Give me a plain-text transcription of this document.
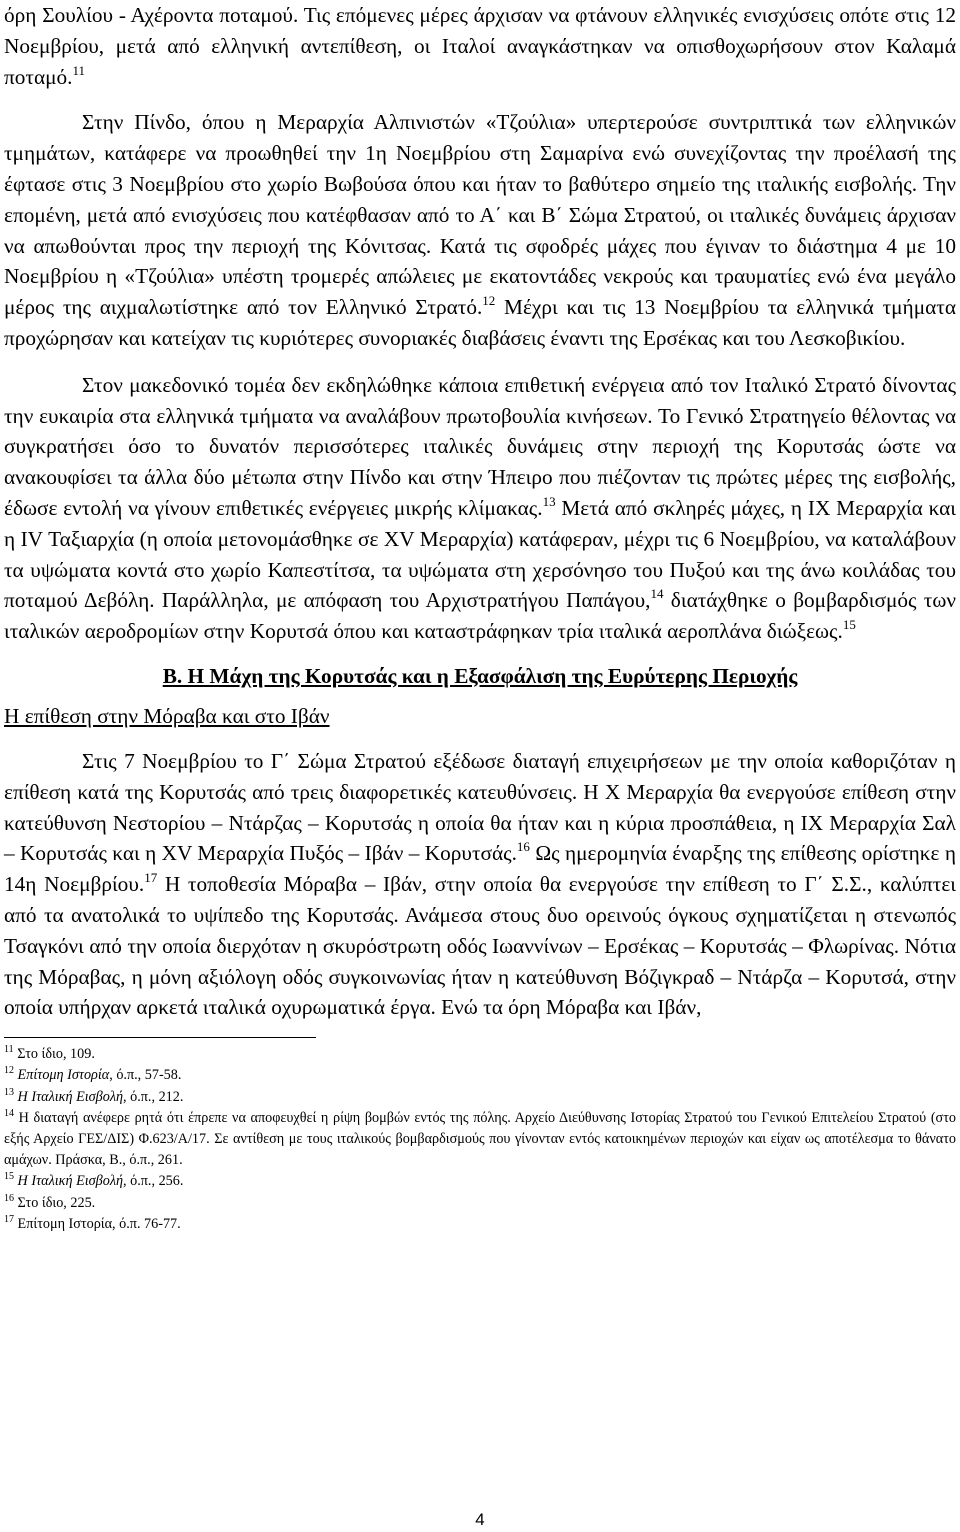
όρη Σουλίου - Αχέροντα ποταμού. Τις επόμενες μέρες άρχισαν να φτάνουν ελληνικές ενισχύσεις οπότε στις 12 Νοεμβρίου, μετά από ελληνική αντεπίθεση, οι Ιταλοί αναγκάστηκαν να οπισθοχωρήσουν στον Καλαμά ποταμό.$^{11}$

Στην Πίνδο, όπου η Μεραρχία Αλπινιστών «Τζούλια» υπερτερούσε συντριπτικά των ελληνικών τμημάτων, κατάφερε να προωθηθεί την 1η Νοεμβρίου στη Σαμαρίνα ενώ συνεχίζοντας την προέλασή της έφτασε στις 3 Νοεμβρίου στο χωρίο Βωβούσα όπου και ήταν το βαθύτερο σημείο της ιταλικής εισβολής. Την επομένη, μετά από ενισχύσεις που κατέφθασαν από το Α΄ και Β΄ Σώμα Στρατού, οι ιταλικές δυνάμεις άρχισαν να απωθούνται προς την περιοχή της Κόνιτσας. Κατά τις σφοδρές μάχες που έγιναν το διάστημα 4 με 10 Νοεμβρίου η «Τζούλια» υπέστη τρομερές απώλειες με εκατοντάδες νεκρούς και τραυματίες ενώ ένα μεγάλο μέρος της αιχμαλωτίστηκε από τον Ελληνικό Στρατό.$^{12}$ Μέχρι και τις 13 Νοεμβρίου τα ελληνικά τμήματα προχώρησαν και κατείχαν τις κυριότερες συνοριακές διαβάσεις έναντι της Ερσέκας και του Λεσκοβικίου.

Στον μακεδονικό τομέα δεν εκδηλώθηκε κάποια επιθετική ενέργεια από τον Ιταλικό Στρατό δίνοντας την ευκαιρία στα ελληνικά τμήματα να αναλάβουν πρωτοβουλία κινήσεων. Το Γενικό Στρατηγείο θέλοντας να συγκρατήσει όσο το δυνατόν περισσότερες ιταλικές δυνάμεις στην περιοχή της Κορυτσάς ώστε να ανακουφίσει τα άλλα δύο μέτωπα στην Πίνδο και στην Ήπειρο που πιέζονταν τις πρώτες μέρες της εισβολής, έδωσε εντολή να γίνουν επιθετικές ενέργειες μικρής κλίμακας.$^{13}$ Μετά από σκληρές μάχες, η ΙΧ Μεραρχία και η IV Ταξιαρχία (η οποία μετονομάσθηκε σε XV Μεραρχία) κατάφεραν, μέχρι τις 6 Νοεμβρίου, να καταλάβουν τα υψώματα κοντά στο χωρίο Καπεστίτσα, τα υψώματα στη χερσόνησο του Πυξού και της άνω κοιλάδας του ποταμού Δεβόλη. Παράλληλα, με απόφαση του Αρχιστρατήγου Παπάγου,$^{14}$ διατάχθηκε ο βομβαρδισμός των ιταλικών αεροδρομίων στην Κορυτσά όπου και καταστράφηκαν τρία ιταλικά αεροπλάνα διώξεως.$^{15}$

Β. Η Μάχη της Κορυτσάς και η Εξασφάλιση της Ευρύτερης Περιοχής
Η επίθεση στην Μόραβα και στο Ιβάν

Στις 7 Νοεμβρίου το Γ΄ Σώμα Στρατού εξέδωσε διαταγή επιχειρήσεων με την οποία καθοριζόταν η επίθεση κατά της Κορυτσάς από τρεις διαφορετικές κατευθύνσεις. Η Χ Μεραρχία θα ενεργούσε επίθεση στην κατεύθυνση Νεστορίου – Ντάρζας – Κορυτσάς η οποία θα ήταν και η κύρια προσπάθεια, η ΙΧ Μεραρχία Σαλ – Κορυτσάς και η XV Μεραρχία Πυξός – Ιβάν – Κορυτσάς.$^{16}$ Ως ημερομηνία έναρξης της επίθεσης ορίστηκε η 14η Νοεμβρίου.$^{17}$ Η τοποθεσία Μόραβα – Ιβάν, στην οποία θα ενεργούσε την επίθεση το Γ΄ Σ.Σ., καλύπτει από τα ανατολικά το υψίπεδο της Κορυτσάς. Ανάμεσα στους δυο ορεινούς όγκους σχηματίζεται η στενωπός Τσαγκόνι από την οποία διερχόταν η σκυρόστρωτη οδός Ιωαννίνων – Ερσέκας – Κορυτσάς – Φλωρίνας. Νότια της Μόραβας, η μόνη αξιόλογη οδός συγκοινωνίας ήταν η κατεύθυνση Βόζιγκραδ – Ντάρζα – Κορυτσά, στην οποία υπήρχαν αρκετά ιταλικά οχυρωματικά έργα. Ενώ τα όρη Μόραβα και Ιβάν,

$^{11}$ Στο ίδιο, 109.
$^{12}$ Επίτομη Ιστορία, ό.π., 57-58.
$^{13}$ Η Ιταλική Εισβολή, ό.π., 212.
$^{14}$ Η διαταγή ανέφερε ρητά ότι έπρεπε να αποφευχθεί η ρίψη βομβών εντός της πόλης. Αρχείο Διεύθυνσης Ιστορίας Στρατού του Γενικού Επιτελείου Στρατού (στο εξής Αρχείο ΓΕΣ/ΔΙΣ) Φ.623/Α/17. Σε αντίθεση με τους ιταλικούς βομβαρδισμούς που γίνονταν εντός κατοικημένων περιοχών και είχαν ως αποτέλεσμα το θάνατο αμάχων. Πράσκα, Β., ό.π., 261.
$^{15}$ Η Ιταλική Εισβολή, ό.π., 256.
$^{16}$ Στο ίδιο, 225.
$^{17}$ Επίτομη Ιστορία, ό.π. 76-77.
4
